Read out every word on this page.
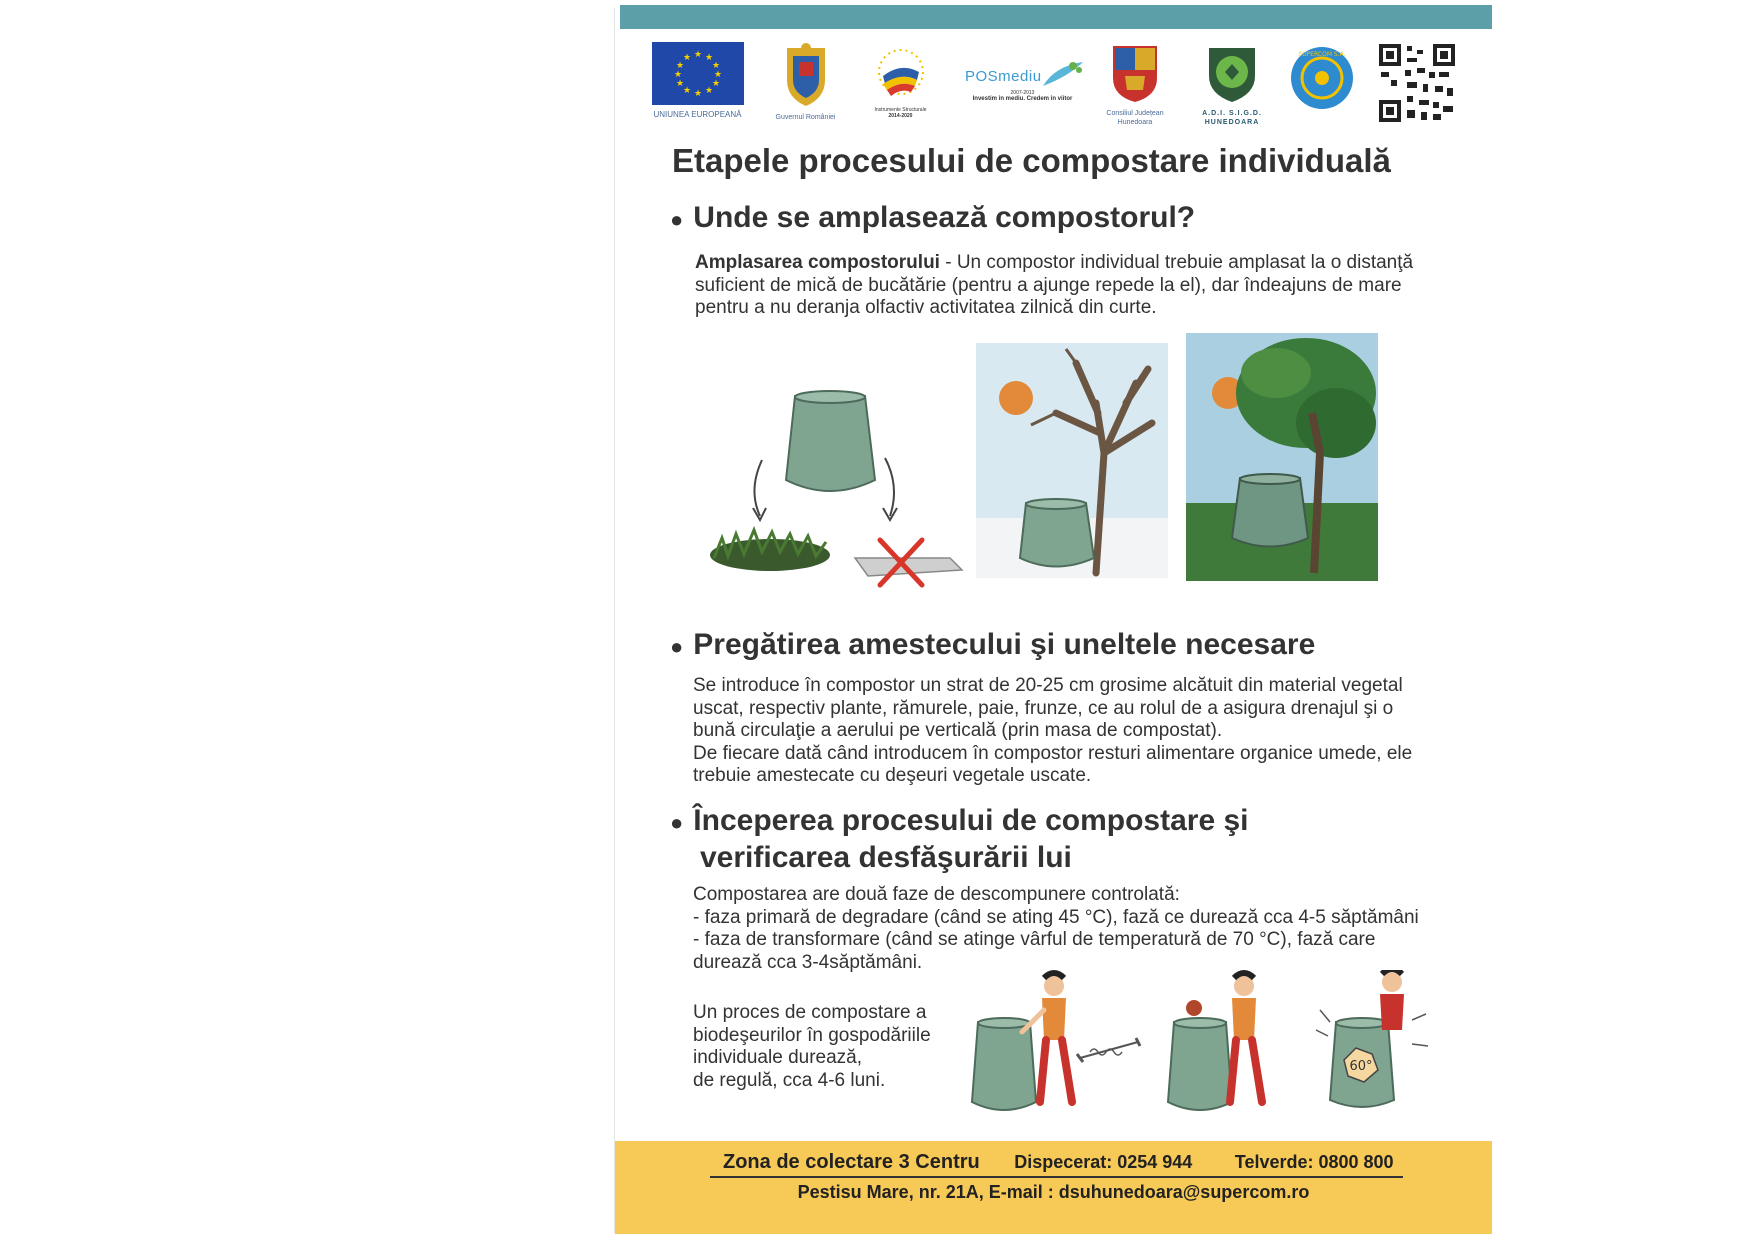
★ ★
★
★
★
★
★
★
★
★
★
★
UNIUNEA EUROPEANĂ	Guvernul României
Instrumente Structurale
2014-2020
POSmediu
2007-2013
Investim în mediu. Credem în viitor
Consiliul Județean
Hunedoara
A.D.I. S.I.G.D.
HUNEDOARA
SUPERCOM S.A.
Etapele procesului de compostare individuală
● Unde se amplasează compostorul?
Amplasarea compostorului - Un compostor individual trebuie amplasat la o distanţă
suficient de mică de bucătărie (pentru a ajunge repede la el), dar îndeajuns de mare
pentru a nu deranja olfactiv activitatea zilnică din curte.
● Pregătirea amestecului şi uneltele necesare
Se introduce în compostor un strat de 20-25 cm grosime alcătuit din material vegetal
uscat, respectiv plante, rămurele, paie, frunze, ce au rolul de a asigura drenajul şi o
bună circulaţie a aerului pe verticală (prin masa de compostat).
De fiecare dată când introducem în compostor resturi alimentare organice umede, ele
trebuie amestecate cu deşeuri vegetale uscate.
● Începerea procesului de compostare şi
verificarea desfăşurării lui
Compostarea are două faze de descompunere controlată:
- faza primară de degradare (când se ating 45 °C), fază ce durează cca 4-5 săptămâni
- faza de transformare (când se atinge vârful de temperatură de 70 °C), fază care
durează cca 3-4săptămâni.
Un proces de compostare a
biodeşeurilor în gospodăriile
individuale durează,
de regulă, cca 4-6 luni.
60°
Zona de colectare 3 Centru Dispecerat: 0254 944 Telverde: 0800 800
Pestisu Mare, nr. 21A, E-mail : dsuhunedoara@supercom.ro
